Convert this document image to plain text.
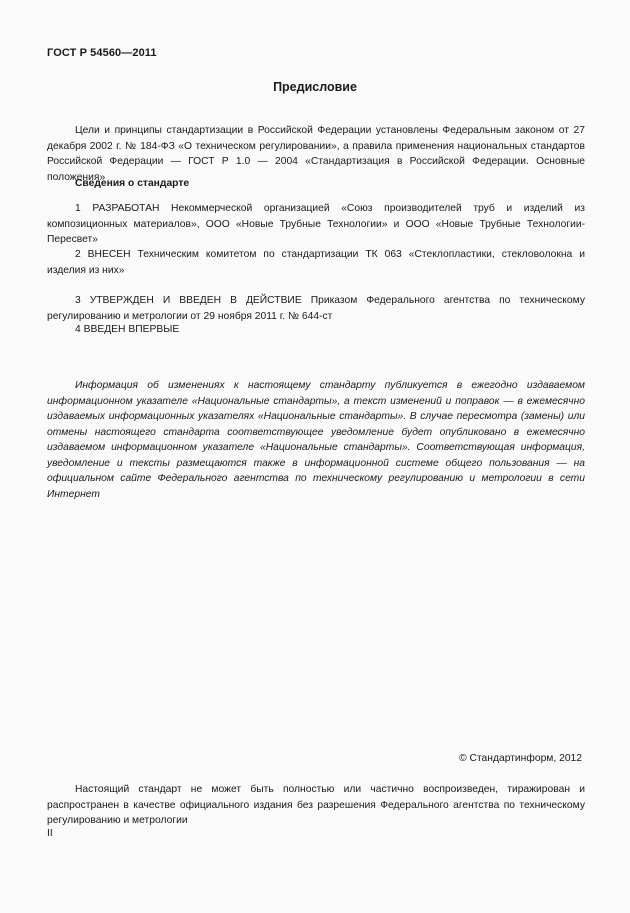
ГОСТ Р 54560—2011
Предисловие
Цели и принципы стандартизации в Российской Федерации установлены Федеральным законом от 27 декабря 2002 г. № 184-ФЗ «О техническом регулировании», а правила применения национальных стандартов Российской Федерации — ГОСТ Р 1.0 — 2004 «Стандартизация в Российской Федерации. Основные положения»
Сведения о стандарте
1 РАЗРАБОТАН Некоммерческой организацией «Союз производителей труб и изделий из композиционных материалов», ООО «Новые Трубные Технологии» и ООО «Новые Трубные Технологии-Пересвет»
2 ВНЕСЕН Техническим комитетом по стандартизации ТК 063 «Стеклопластики, стекловолокна и изделия из них»
3 УТВЕРЖДЕН И ВВЕДЕН В ДЕЙСТВИЕ Приказом Федерального агентства по техническому регулированию и метрологии от 29 ноября 2011 г. № 644-ст
4 ВВЕДЕН ВПЕРВЫЕ
Информация об изменениях к настоящему стандарту публикуется в ежегодно издаваемом информационном указателе «Национальные стандарты», а текст изменений и поправок — в ежемесячно издаваемых информационных указателях «Национальные стандарты». В случае пересмотра (замены) или отмены настоящего стандарта соответствующее уведомление будет опубликовано в ежемесячно издаваемом информационном указателе «Национальные стандарты». Соответствующая информация, уведомление и тексты размещаются также в информационной системе общего пользования — на официальном сайте Федерального агентства по техническому регулированию и метрологии в сети Интернет
© Стандартинформ, 2012
Настоящий стандарт не может быть полностью или частично воспроизведен, тиражирован и распространен в качестве официального издания без разрешения Федерального агентства по техническому регулированию и метрологии
II
